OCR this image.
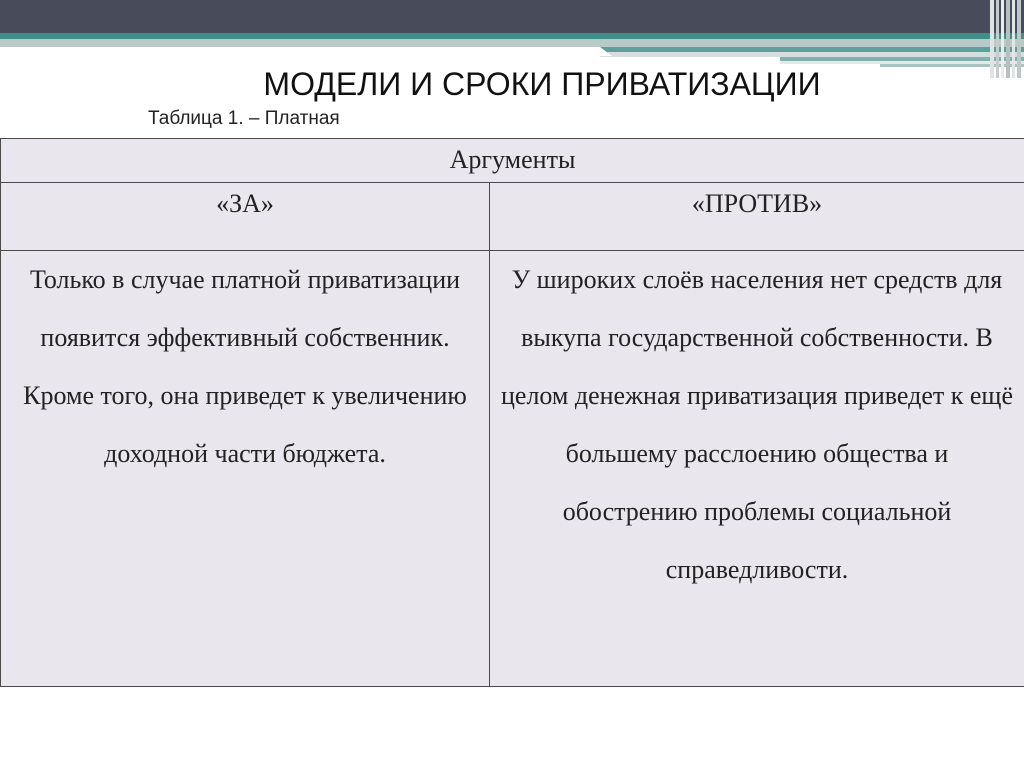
МОДЕЛИ И СРОКИ ПРИВАТИЗАЦИИ
Таблица 1. – Платная
Аргументы	
«ЗА»	«ПРОТИВ»
Только в случае платной приватизации появится эффективный собственник. Кроме того, она приведет к увеличению доходной части бюджета.	У широких слоёв населения нет средств для выкупа государственной собственности. В целом денежная приватизация приведет к ещё большему расслоению общества и обострению проблемы социальной справедливости.
